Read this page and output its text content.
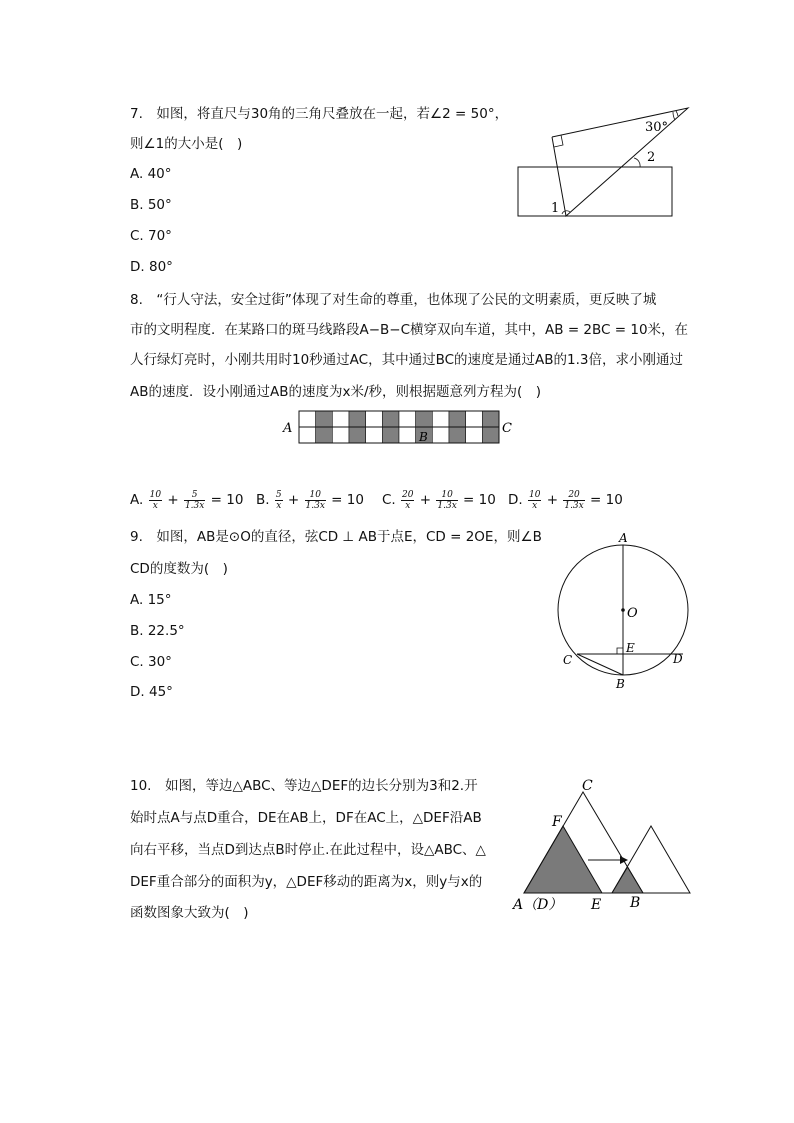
7.　如图，将直尺与30角的三角尺叠放在一起，若∠2 = 50°，
则∠1的大小是(　)
A. 40°
B. 50°
C. 70°
D. 80°
30°
2
1
8.　“行人守法，安全过街”体现了对生命的尊重，也体现了公民的文明素质，更反映了城
市的文明程度．在某路口的斑马线路段A−B−C横穿双向车道，其中，AB = 2BC = 10米，在
人行绿灯亮时，小刚共用时10秒通过AC，其中通过BC的速度是通过AB的1.3倍，求小刚通过
AB的速度．设小刚通过AB的速度为x米/秒，则根据题意列方程为(　)
A
B
C
A. $\frac{10}{x} + \frac{5}{1.3x} = 10$ B. $\frac{5}{x} + \frac{10}{1.3x} = 10$ C. $\frac{20}{x} + \frac{10}{1.3x} = 10$ D. $\frac{10}{x} + \frac{20}{1.3x} = 10$
9.　如图，AB是⊙O的直径，弦CD ⊥ AB于点E，CD = 2OE，则∠B
CD的度数为(　)
A. 15°
B. 22.5°
C. 30°
D. 45°
A
O
E
C	D
B
10.　如图，等边△ABC、等边△DEF的边长分别为3和2.开
始时点A与点D重合，DE在AB上，DF在AC上，△DEF沿AB
向右平移，当点D到达点B时停止.在此过程中，设△ABC、△
DEF重合部分的面积为y，△DEF移动的距离为x，则y与x的
函数图象大致为(　)
C
F
A（D） E B
